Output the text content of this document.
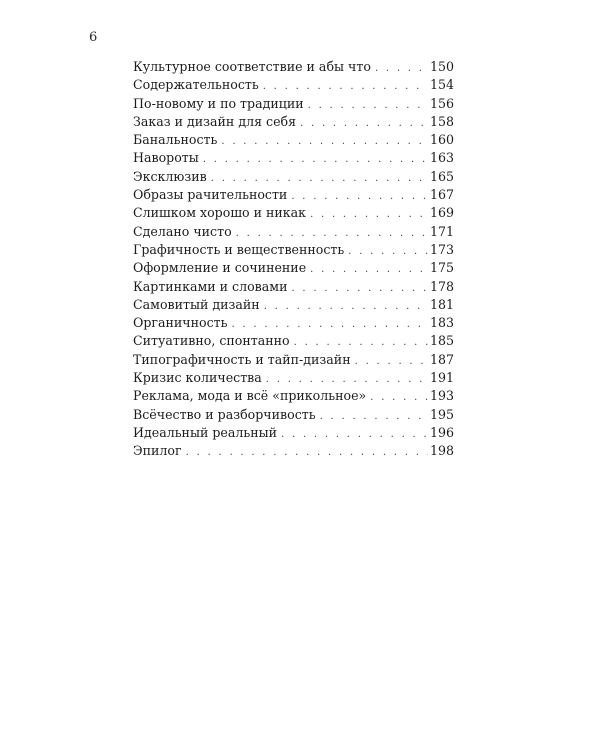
6
Культурное соответствие и абы что . . .	150
Содержательность . . .	154
По-новому и по традиции . . .	156
Заказ и дизайн для себя . . .	158
Банальность . . .	160
Навороты . . .	163
Эксклюзив . . .	165
Образы рачительности . . .	167
Слишком хорошо и никак . . .	169
Сделано чисто . . .	171
Графичность и вещественность . . .	173
Оформление и сочинение . . .	175
Картинками и словами . . .	178
Самовитый дизайн . . .	181
Органичность . . .	183
Ситуативно, спонтанно . . .	185
Типографичность и тайп-дизайн . . .	187
Кризис количества . . .	191
Реклама, мода и всё «прикольное» . . .	193
Всёчество и разборчивость . . .	195
Идеальный реальный . . .	196
Эпилог . . .	198
